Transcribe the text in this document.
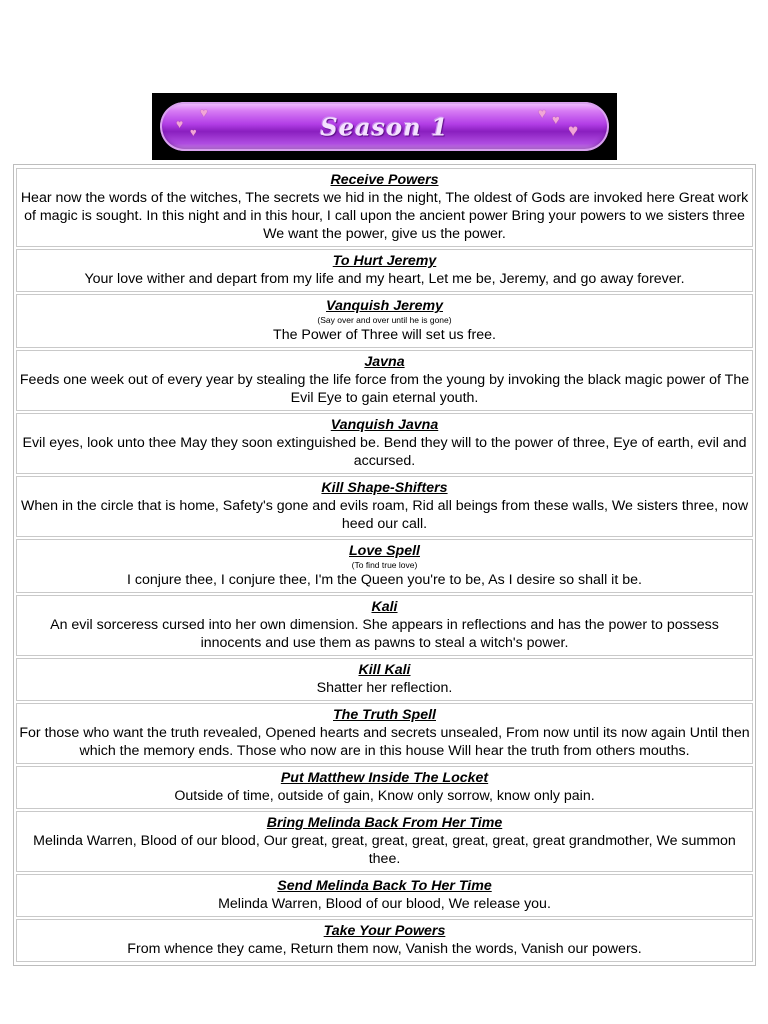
♥
♥
♥
♥ ♥
♥
Season 1
Receive Powers
Hear now the words of the witches, The secrets we hid in the night, The oldest of Gods are invoked here Great work of magic is sought. In this night and in this hour, I call upon the ancient power Bring your powers to we sisters three We want the power, give us the power.
To Hurt Jeremy
Your love wither and depart from my life and my heart, Let me be, Jeremy, and go away forever.
Vanquish Jeremy
(Say over and over until he is gone)
The Power of Three will set us free.
Javna
Feeds one week out of every year by stealing the life force from the young by invoking the black magic power of The Evil Eye to gain eternal youth.
Vanquish Javna
Evil eyes, look unto thee May they soon extinguished be. Bend they will to the power of three, Eye of earth, evil and accursed.
Kill Shape-Shifters
When in the circle that is home, Safety's gone and evils roam, Rid all beings from these walls, We sisters three, now heed our call.
Love Spell
(To find true love)
I conjure thee, I conjure thee, I'm the Queen you're to be, As I desire so shall it be.
Kali
An evil sorceress cursed into her own dimension. She appears in reflections and has the power to possess innocents and use them as pawns to steal a witch's power.
Kill Kali
Shatter her reflection.
The Truth Spell
For those who want the truth revealed, Opened hearts and secrets unsealed, From now until its now again Until then which the memory ends. Those who now are in this house Will hear the truth from others mouths.
Put Matthew Inside The Locket
Outside of time, outside of gain, Know only sorrow, know only pain.
Bring Melinda Back From Her Time
Melinda Warren, Blood of our blood, Our great, great, great, great, great, great, great grandmother, We summon thee.
Send Melinda Back To Her Time
Melinda Warren, Blood of our blood, We release you.
Take Your Powers
From whence they came, Return them now, Vanish the words, Vanish our powers.
